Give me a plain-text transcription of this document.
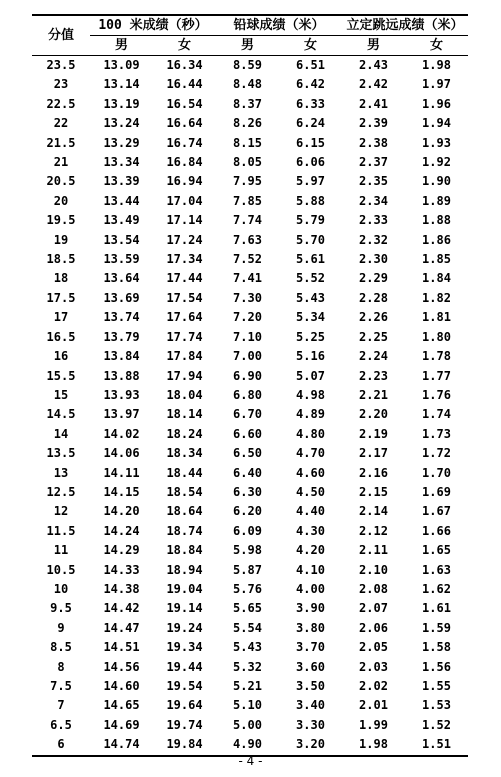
分值	100 米成绩（秒）		铅球成绩（米）		立定跳远成绩（米）	
	男	女	男	女	男	女
23.5	13.09	16.34	8.59	6.51	2.43	1.98
23	13.14	16.44	8.48	6.42	2.42	1.97
22.5	13.19	16.54	8.37	6.33	2.41	1.96
22	13.24	16.64	8.26	6.24	2.39	1.94
21.5	13.29	16.74	8.15	6.15	2.38	1.93
21	13.34	16.84	8.05	6.06	2.37	1.92
20.5	13.39	16.94	7.95	5.97	2.35	1.90
20	13.44	17.04	7.85	5.88	2.34	1.89
19.5	13.49	17.14	7.74	5.79	2.33	1.88
19	13.54	17.24	7.63	5.70	2.32	1.86
18.5	13.59	17.34	7.52	5.61	2.30	1.85
18	13.64	17.44	7.41	5.52	2.29	1.84
17.5	13.69	17.54	7.30	5.43	2.28	1.82
17	13.74	17.64	7.20	5.34	2.26	1.81
16.5	13.79	17.74	7.10	5.25	2.25	1.80
16	13.84	17.84	7.00	5.16	2.24	1.78
15.5	13.88	17.94	6.90	5.07	2.23	1.77
15	13.93	18.04	6.80	4.98	2.21	1.76
14.5	13.97	18.14	6.70	4.89	2.20	1.74
14	14.02	18.24	6.60	4.80	2.19	1.73
13.5	14.06	18.34	6.50	4.70	2.17	1.72
13	14.11	18.44	6.40	4.60	2.16	1.70
12.5	14.15	18.54	6.30	4.50	2.15	1.69
12	14.20	18.64	6.20	4.40	2.14	1.67
11.5	14.24	18.74	6.09	4.30	2.12	1.66
11	14.29	18.84	5.98	4.20	2.11	1.65
10.5	14.33	18.94	5.87	4.10	2.10	1.63
10	14.38	19.04	5.76	4.00	2.08	1.62
9.5	14.42	19.14	5.65	3.90	2.07	1.61
9	14.47	19.24	5.54	3.80	2.06	1.59
8.5	14.51	19.34	5.43	3.70	2.05	1.58
8	14.56	19.44	5.32	3.60	2.03	1.56
7.5	14.60	19.54	5.21	3.50	2.02	1.55
7	14.65	19.64	5.10	3.40	2.01	1.53
6.5	14.69	19.74	5.00	3.30	1.99	1.52
6	14.74	19.84	4.90	3.20	1.98	1.51
- 4 -
